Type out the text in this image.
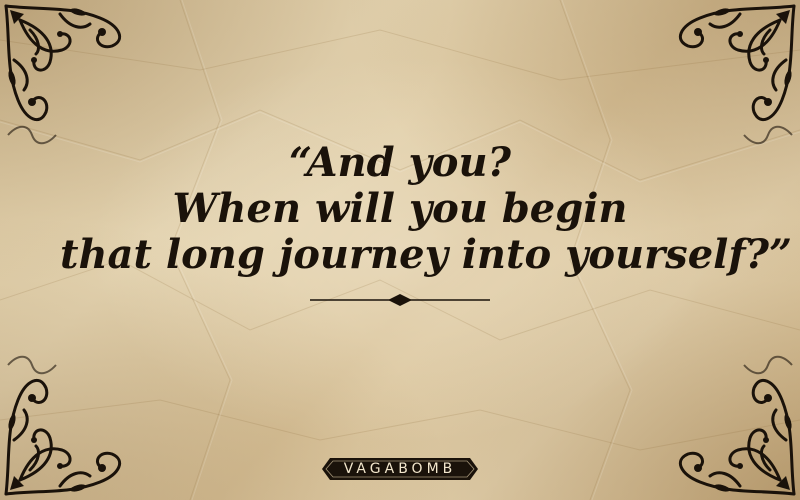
“And you?
When will you begin
that long journey into yourself?”
VAGABOMB
